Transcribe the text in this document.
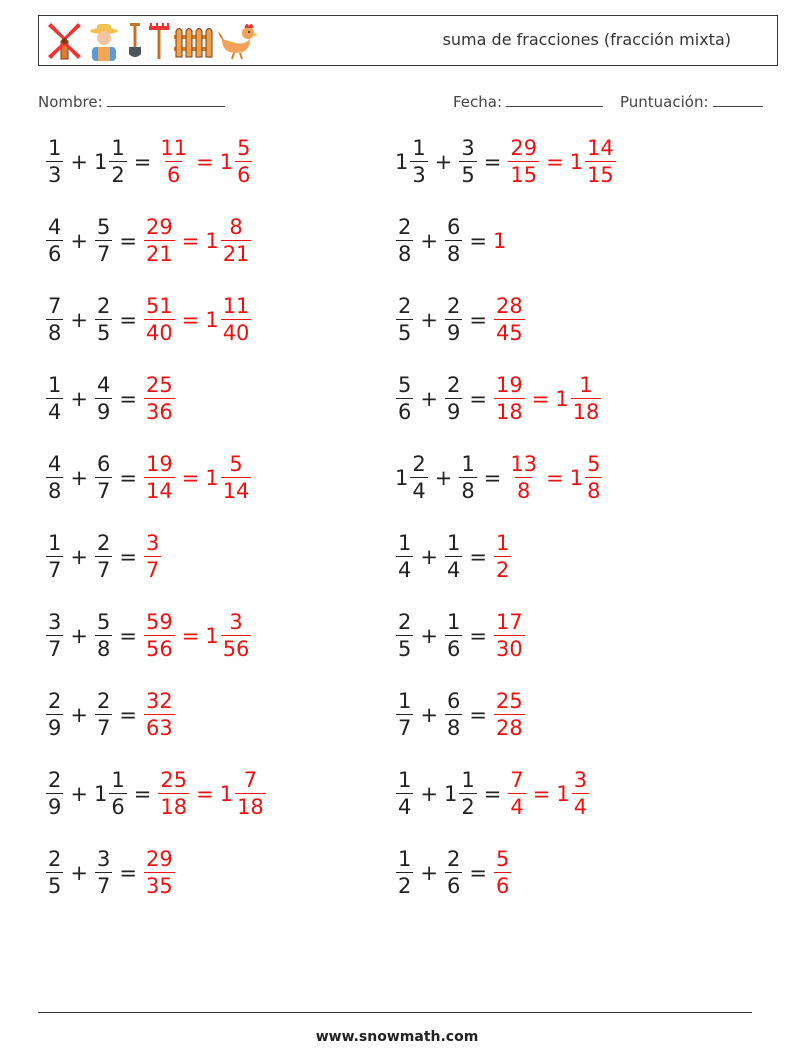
suma de fracciones (fracción mixta)
Nombre:	Fecha:	Puntuación:
$\frac{1}{3} + 1 \frac{1}{2} = \frac{11}{6} = 1 \frac{5}{6}$
$\frac{4}{6} + \frac{5}{7} = \frac{29}{21} = 1 \frac{8}{21}$
$\frac{7}{8} + \frac{2}{5} = \frac{51}{40} = 1 \frac{11}{40}$
$\frac{1}{4} + \frac{4}{9} = \frac{25}{36}$
$\frac{4}{8} + \frac{6}{7} = \frac{19}{14} = 1 \frac{5}{14}$
$\frac{1}{7} + \frac{2}{7} = \frac{3}{7}$
$\frac{3}{7} + \frac{5}{8} = \frac{59}{56} = 1 \frac{3}{56}$
$\frac{2}{9} + \frac{2}{7} = \frac{32}{63}$
$\frac{2}{9} + 1 \frac{1}{6} = \frac{25}{18} = 1 \frac{7}{18}$
$\frac{2}{5} + \frac{3}{7} = \frac{29}{35}$
$1 \frac{1}{3} + \frac{3}{5} = \frac{29}{15} = 1 \frac{14}{15}$
$\frac{2}{8} + \frac{6}{8} = 1$
$\frac{2}{5} + \frac{2}{9} = \frac{28}{45}$
$\frac{5}{6} + \frac{2}{9} = \frac{19}{18} = 1 \frac{1}{18}$
$1 \frac{2}{4} + \frac{1}{8} = \frac{13}{8} = 1 \frac{5}{8}$
$\frac{1}{4} + \frac{1}{4} = \frac{1}{2}$
$\frac{2}{5} + \frac{1}{6} = \frac{17}{30}$
$\frac{1}{7} + \frac{6}{8} = \frac{25}{28}$
$\frac{1}{4} + 1 \frac{1}{2} = \frac{7}{4} = 1 \frac{3}{4}$
$\frac{1}{2} + \frac{2}{6} = \frac{5}{6}$
www.snowmath.com
